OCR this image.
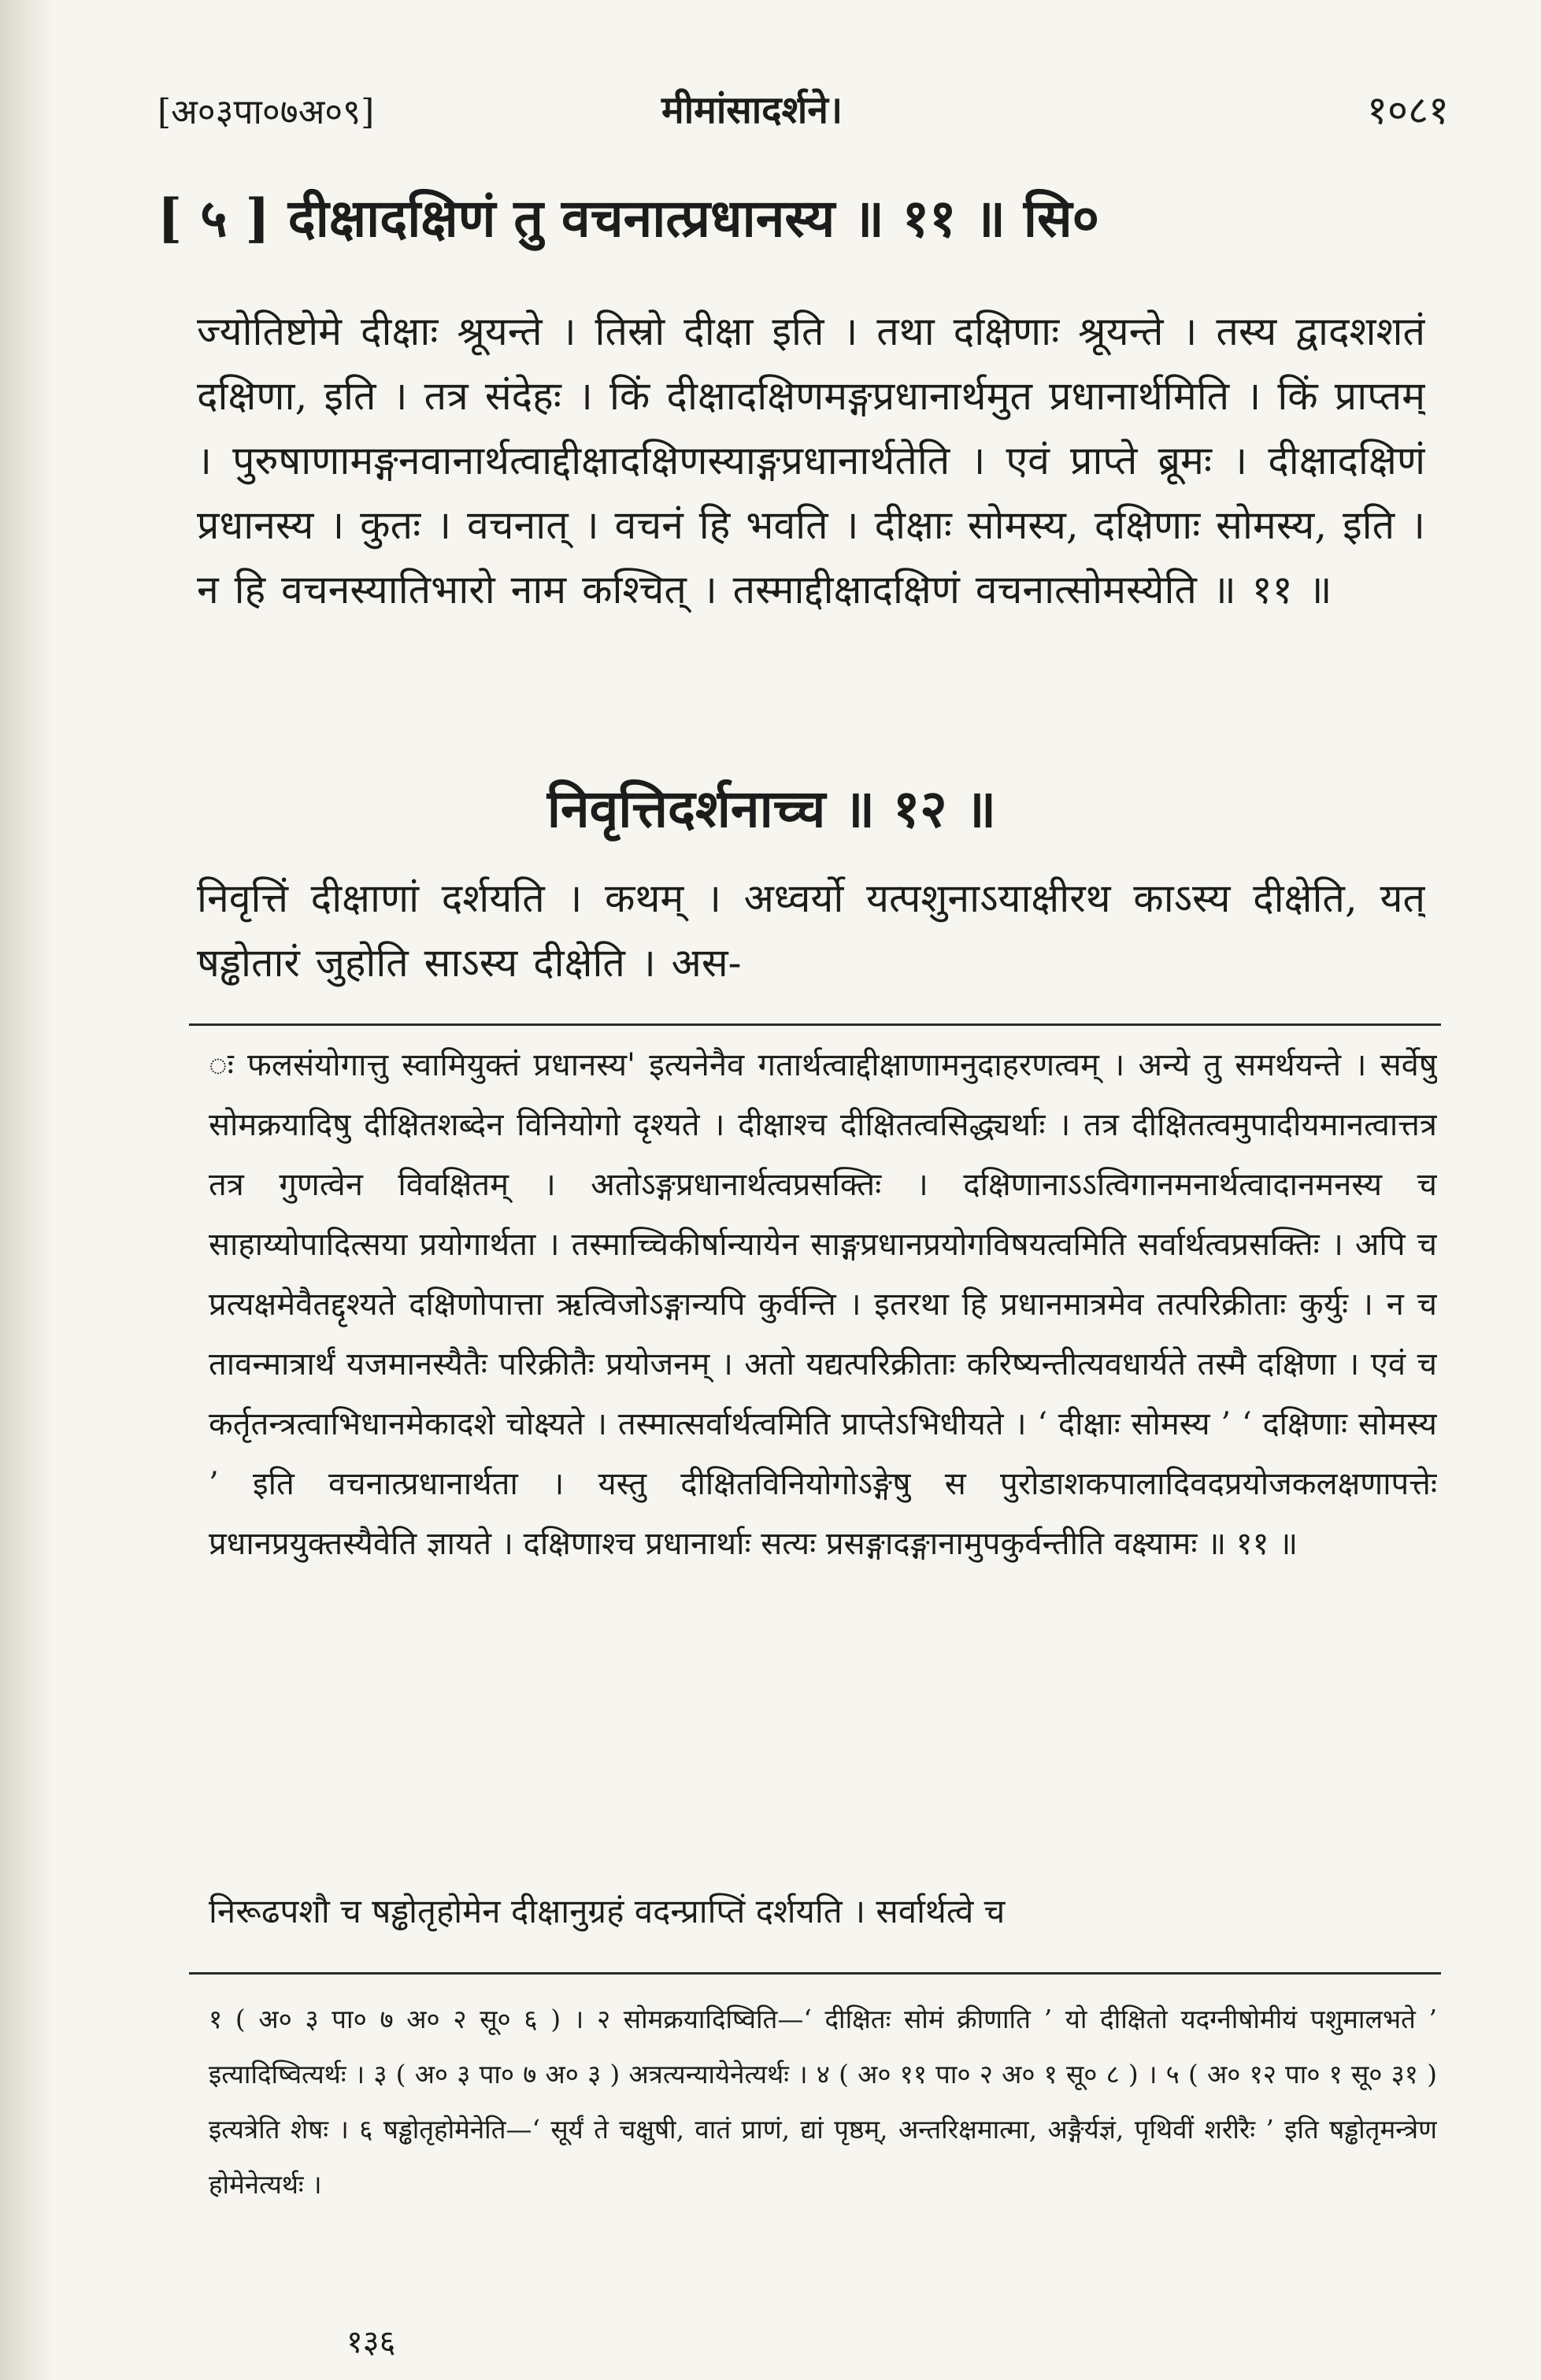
[अ०३पा०७अ०९]	मीमांसादर्शने।	१०८१
[ ५ ] दीक्षादक्षिणं तु वचनात्प्रधानस्य ॥ ११ ॥ सि०
ज्योतिष्टोमे दीक्षाः श्रूयन्ते । तिस्रो दीक्षा इति । तथा दक्षिणाः श्रूयन्ते । तस्य द्वादशशतं दक्षिणा, इति । तत्र संदेहः । किं दीक्षादक्षिणमङ्गप्रधानार्थमुत प्रधानार्थमिति । किं प्राप्तम् । पुरुषाणामङ्गनवानार्थत्वाद्दीक्षादक्षिणस्याङ्गप्रधानार्थतेति । एवं प्राप्ते ब्रूमः । दीक्षादक्षिणं प्रधानस्य । कुतः । वचनात् । वचनं हि भवति । दीक्षाः सोमस्य, दक्षिणाः सोमस्य, इति । न हि वचनस्यातिभारो नाम कश्चित् । तस्माद्दीक्षादक्षिणं वचनात्सोमस्येति ॥ ११ ॥
निवृत्तिदर्शनाच्च ॥ १२ ॥
निवृत्तिं दीक्षाणां दर्शयति । कथम् । अध्वर्यो यत्पशुनाऽयाक्षीरथ काऽस्य दीक्षेति, यत् षड्ढोतारं जुहोति साऽस्य दीक्षेति । अस-
ः फलसंयोगात्तु स्वामियुक्तं प्रधानस्य' इत्यनेनैव गतार्थत्वाद्दीक्षाणामनुदाहरणत्वम् । अन्ये तु समर्थयन्ते । सर्वेषु सोमक्रयादिषु दीक्षितशब्देन विनियोगो दृश्यते । दीक्षाश्च दीक्षितत्वसिद्ध्यर्थाः । तत्र दीक्षितत्वमुपादीयमानत्वात्तत्र तत्र गुणत्वेन विवक्षितम् । अतोऽङ्गप्रधानार्थत्वप्रसक्तिः । दक्षिणानाऽऽत्विगानमनार्थत्वादानमनस्य च साहाय्योपादित्सया प्रयोगार्थता । तस्माच्चिकीर्षान्यायेन साङ्गप्रधानप्रयोगविषयत्वमिति सर्वार्थत्वप्रसक्तिः । अपि च प्रत्यक्षमेवैतद्दृश्यते दक्षिणोपात्ता ऋत्विजोऽङ्गान्यपि कुर्वन्ति । इतरथा हि प्रधानमात्रमेव तत्परिक्रीताः कुर्युः । न च तावन्मात्रार्थं यजमानस्यैतैः परिक्रीतैः प्रयोजनम् । अतो यद्यत्परिक्रीताः करिष्यन्तीत्यवधार्यते तस्मै दक्षिणा । एवं च कर्तृतन्त्रत्वाभिधानमेकादशे चोक्ष्यते । तस्मात्सर्वार्थत्वमिति प्राप्तेऽभिधीयते । ‘ दीक्षाः सोमस्य ’ ‘ दक्षिणाः सोमस्य ’ इति वचनात्प्रधानार्थता । यस्तु दीक्षितविनियोगोऽङ्गेषु स पुरोडाशकपालादिवदप्रयोजकलक्षणापत्तेः प्रधानप्रयुक्तस्यैवेति ज्ञायते । दक्षिणाश्च प्रधानार्थाः सत्यः प्रसङ्गादङ्गानामुपकुर्वन्तीति वक्ष्यामः ॥ ११ ॥
निरूढपशौ च षड्ढोतृहोमेन दीक्षानुग्रहं वदन्प्राप्तिं दर्शयति । सर्वार्थत्वे च
१ ( अ० ३ पा० ७ अ० २ सू० ६ ) । २ सोमक्रयादिष्विति—‘ दीक्षितः सोमं क्रीणाति ’ यो दीक्षितो यदग्नीषोमीयं पशुमालभते ’ इत्यादिष्वित्यर्थः । ३ ( अ० ३ पा० ७ अ० ३ ) अत्रत्यन्यायेनेत्यर्थः । ४ ( अ० ११ पा० २ अ० १ सू० ८ ) । ५ ( अ० १२ पा० १ सू० ३१ ) इत्यत्रेति शेषः । ६ षड्ढोतृहोमेनेति—‘ सूर्यं ते चक्षुषी, वातं प्राणं, द्यां पृष्ठम्, अन्तरिक्षमात्मा, अङ्गैर्यज्ञं, पृथिवीं शरीरैः ’ इति षड्ढोतृमन्त्रेण होमेनेत्यर्थः ।
१३६
